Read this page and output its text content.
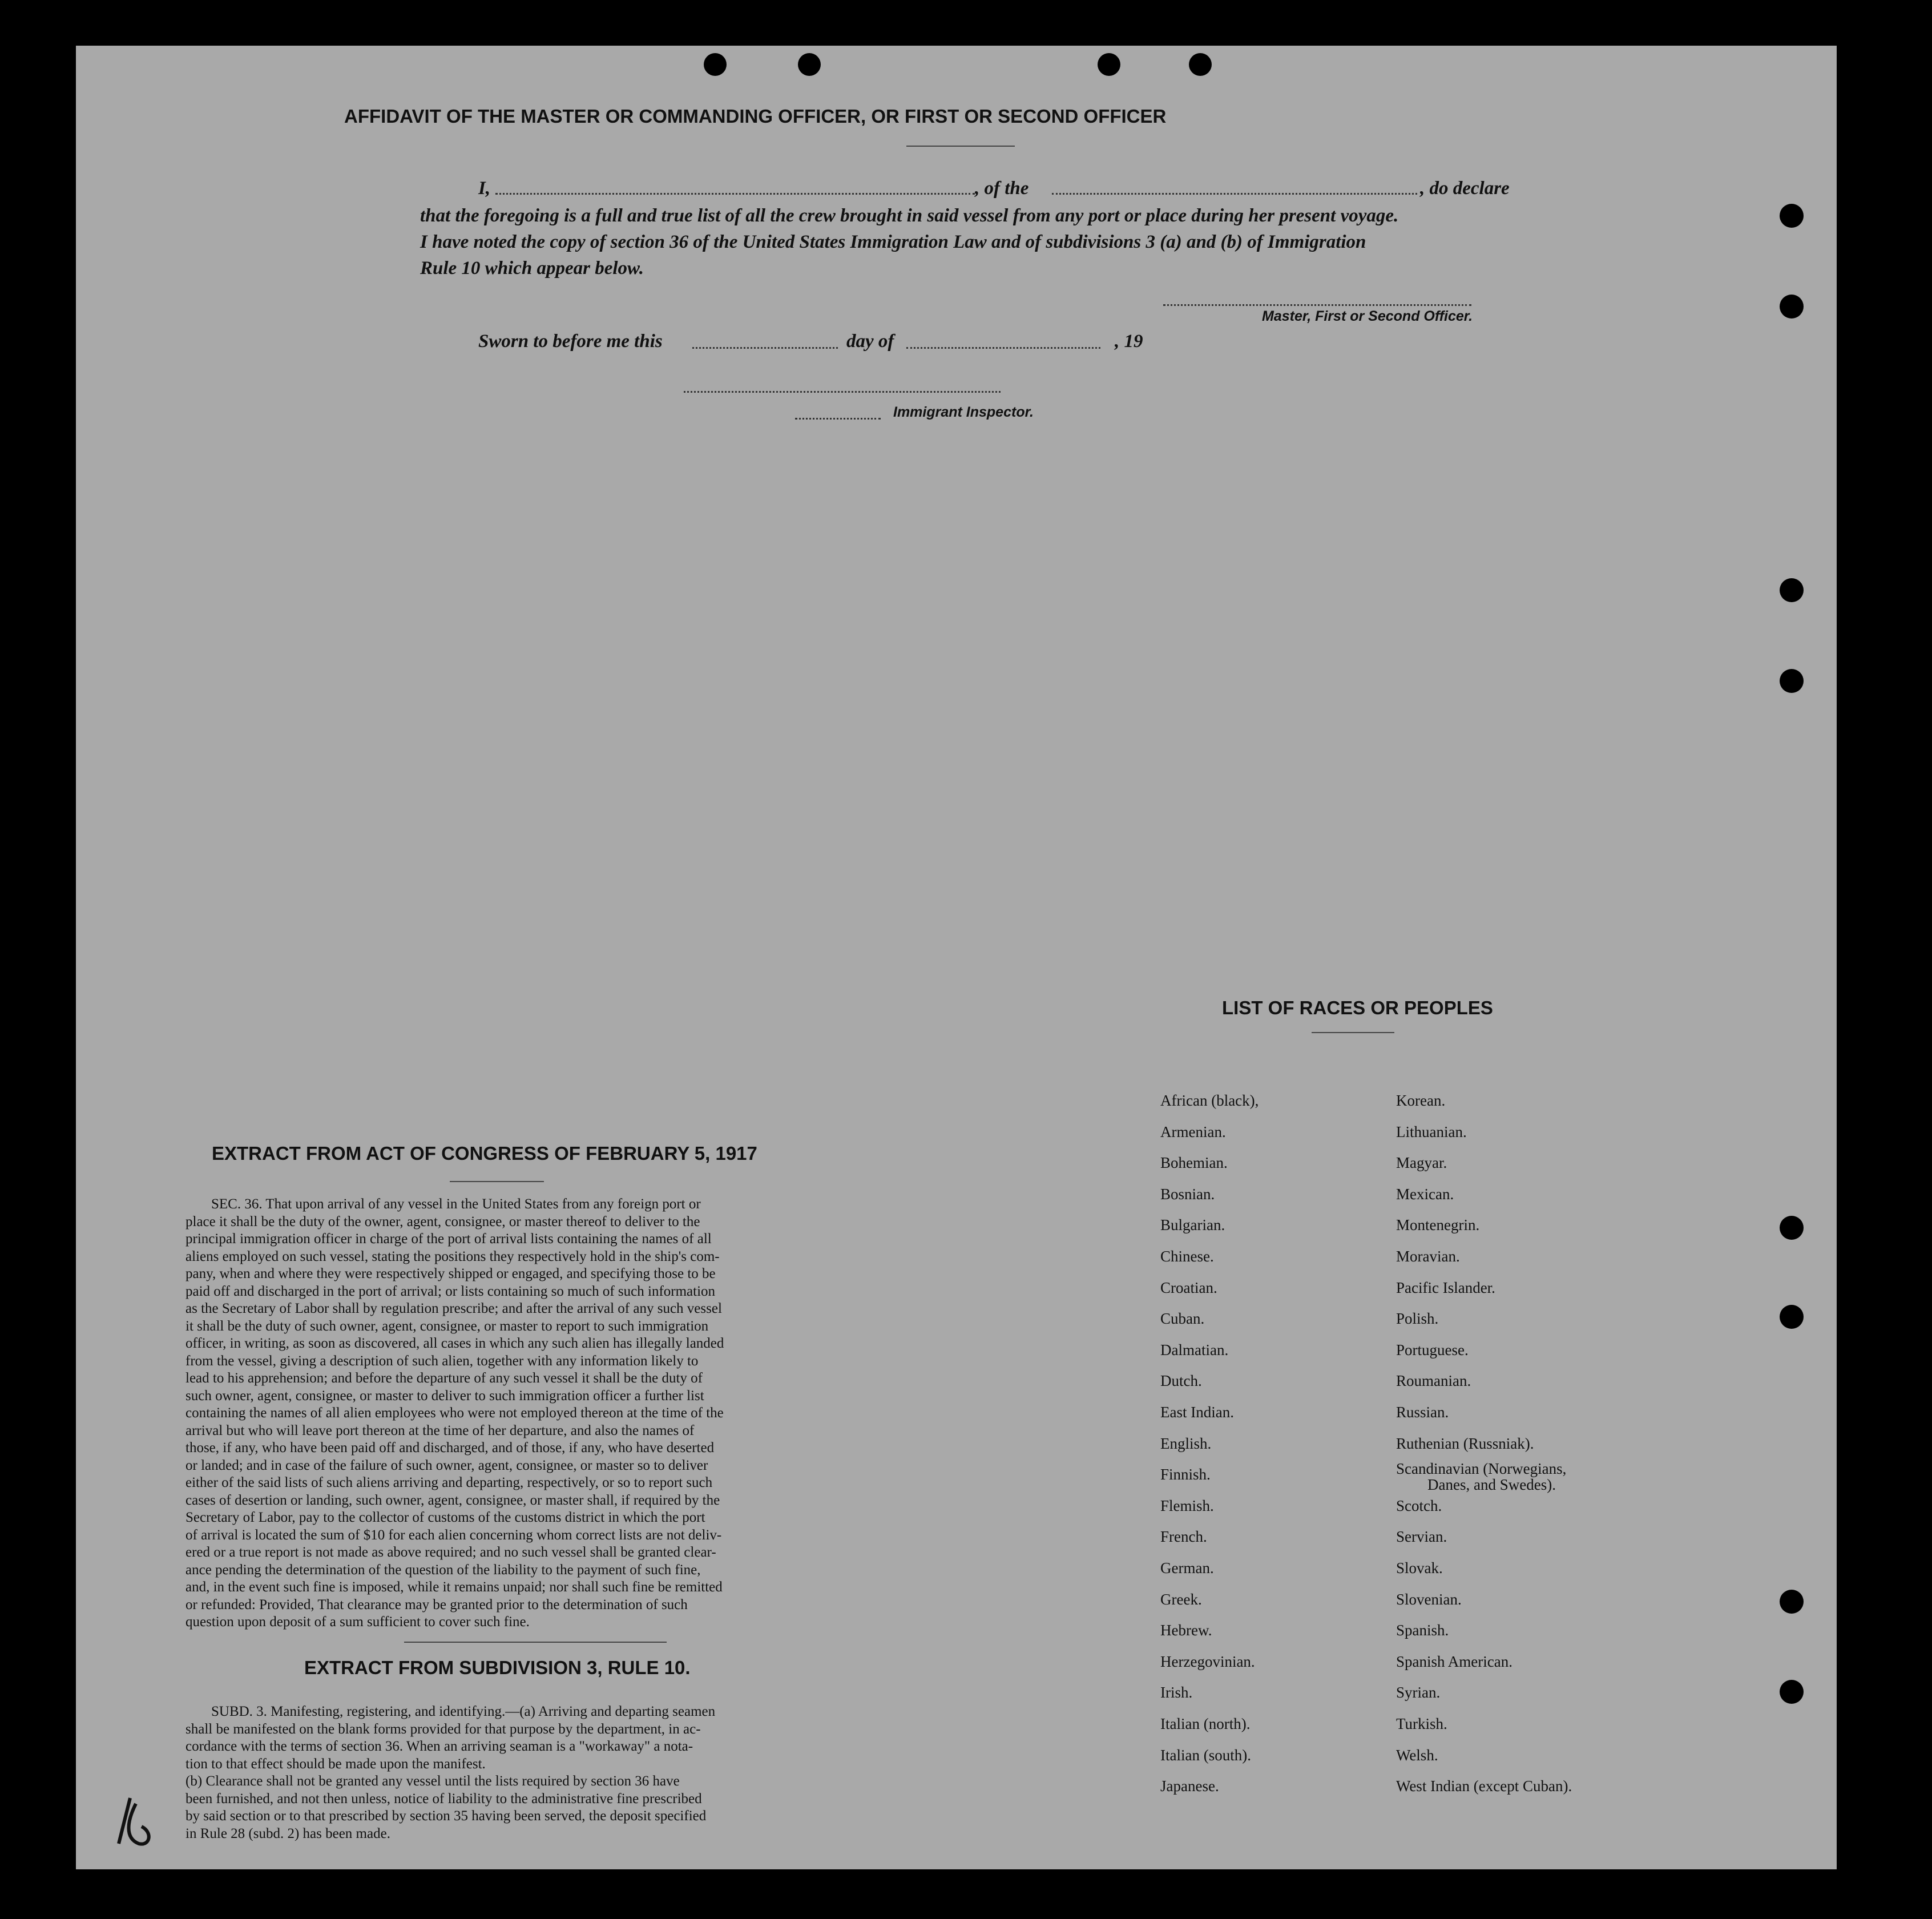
AFFIDAVIT OF THE MASTER OR COMMANDING OFFICER, OR FIRST OR SECOND OFFICER
I,	, of the	, do declare
that the foregoing is a full and true list of all the crew brought in said vessel from any port or place during her present voyage.
I have noted the copy of section 36 of the United States Immigration Law and of subdivisions 3 (a) and (b) of Immigration
Rule 10 which appear below.
Master, First or Second Officer.
Sworn to before me this	day of	, 19
Immigrant Inspector.
EXTRACT FROM ACT OF CONGRESS OF FEBRUARY 5, 1917
SEC. 36. That upon arrival of any vessel in the United States from any foreign port or
place it shall be the duty of the owner, agent, consignee, or master thereof to deliver to the
principal immigration officer in charge of the port of arrival lists containing the names of all
aliens employed on such vessel, stating the positions they respectively hold in the ship's com-
pany, when and where they were respectively shipped or engaged, and specifying those to be
paid off and discharged in the port of arrival; or lists containing so much of such information
as the Secretary of Labor shall by regulation prescribe; and after the arrival of any such vessel
it shall be the duty of such owner, agent, consignee, or master to report to such immigration
officer, in writing, as soon as discovered, all cases in which any such alien has illegally landed
from the vessel, giving a description of such alien, together with any information likely to
lead to his apprehension; and before the departure of any such vessel it shall be the duty of
such owner, agent, consignee, or master to deliver to such immigration officer a further list
containing the names of all alien employees who were not employed thereon at the time of the
arrival but who will leave port thereon at the time of her departure, and also the names of
those, if any, who have been paid off and discharged, and of those, if any, who have deserted
or landed; and in case of the failure of such owner, agent, consignee, or master so to deliver
either of the said lists of such aliens arriving and departing, respectively, or so to report such
cases of desertion or landing, such owner, agent, consignee, or master shall, if required by the
Secretary of Labor, pay to the collector of customs of the customs district in which the port
of arrival is located the sum of $10 for each alien concerning whom correct lists are not deliv-
ered or a true report is not made as above required; and no such vessel shall be granted clear-
ance pending the determination of the question of the liability to the payment of such fine,
and, in the event such fine is imposed, while it remains unpaid; nor shall such fine be remitted
or refunded: Provided, That clearance may be granted prior to the determination of such
question upon deposit of a sum sufficient to cover such fine.
EXTRACT FROM SUBDIVISION 3, RULE 10.
SUBD. 3. Manifesting, registering, and identifying.—(a) Arriving and departing seamen
shall be manifested on the blank forms provided for that purpose by the department, in ac-
cordance with the terms of section 36. When an arriving seaman is a "workaway" a nota-
tion to that effect should be made upon the manifest.
(b) Clearance shall not be granted any vessel until the lists required by section 36 have
been furnished, and not then unless, notice of liability to the administrative fine prescribed
by said section or to that prescribed by section 35 having been served, the deposit specified
in Rule 28 (subd. 2) has been made.
LIST OF RACES OR PEOPLES
African (black),
Armenian.
Bohemian.
Bosnian.
Bulgarian.
Chinese.
Croatian.
Cuban.
Dalmatian.
Dutch.
East Indian.
English.
Finnish.
Flemish.
French.
German.
Greek.
Hebrew.
Herzegovinian.
Irish.
Italian (north).
Italian (south).
Japanese.
Korean.
Lithuanian.
Magyar.
Mexican.
Montenegrin.
Moravian.
Pacific Islander.
Polish.
Portuguese.
Roumanian.
Russian.
Ruthenian (Russniak).
Scandinavian (Norwegians,
Scotch.
Servian.
Slovak.
Slovenian.
Spanish.
Spanish American.
Syrian.
Turkish.
Welsh.
West Indian (except Cuban).
Danes, and Swedes).
